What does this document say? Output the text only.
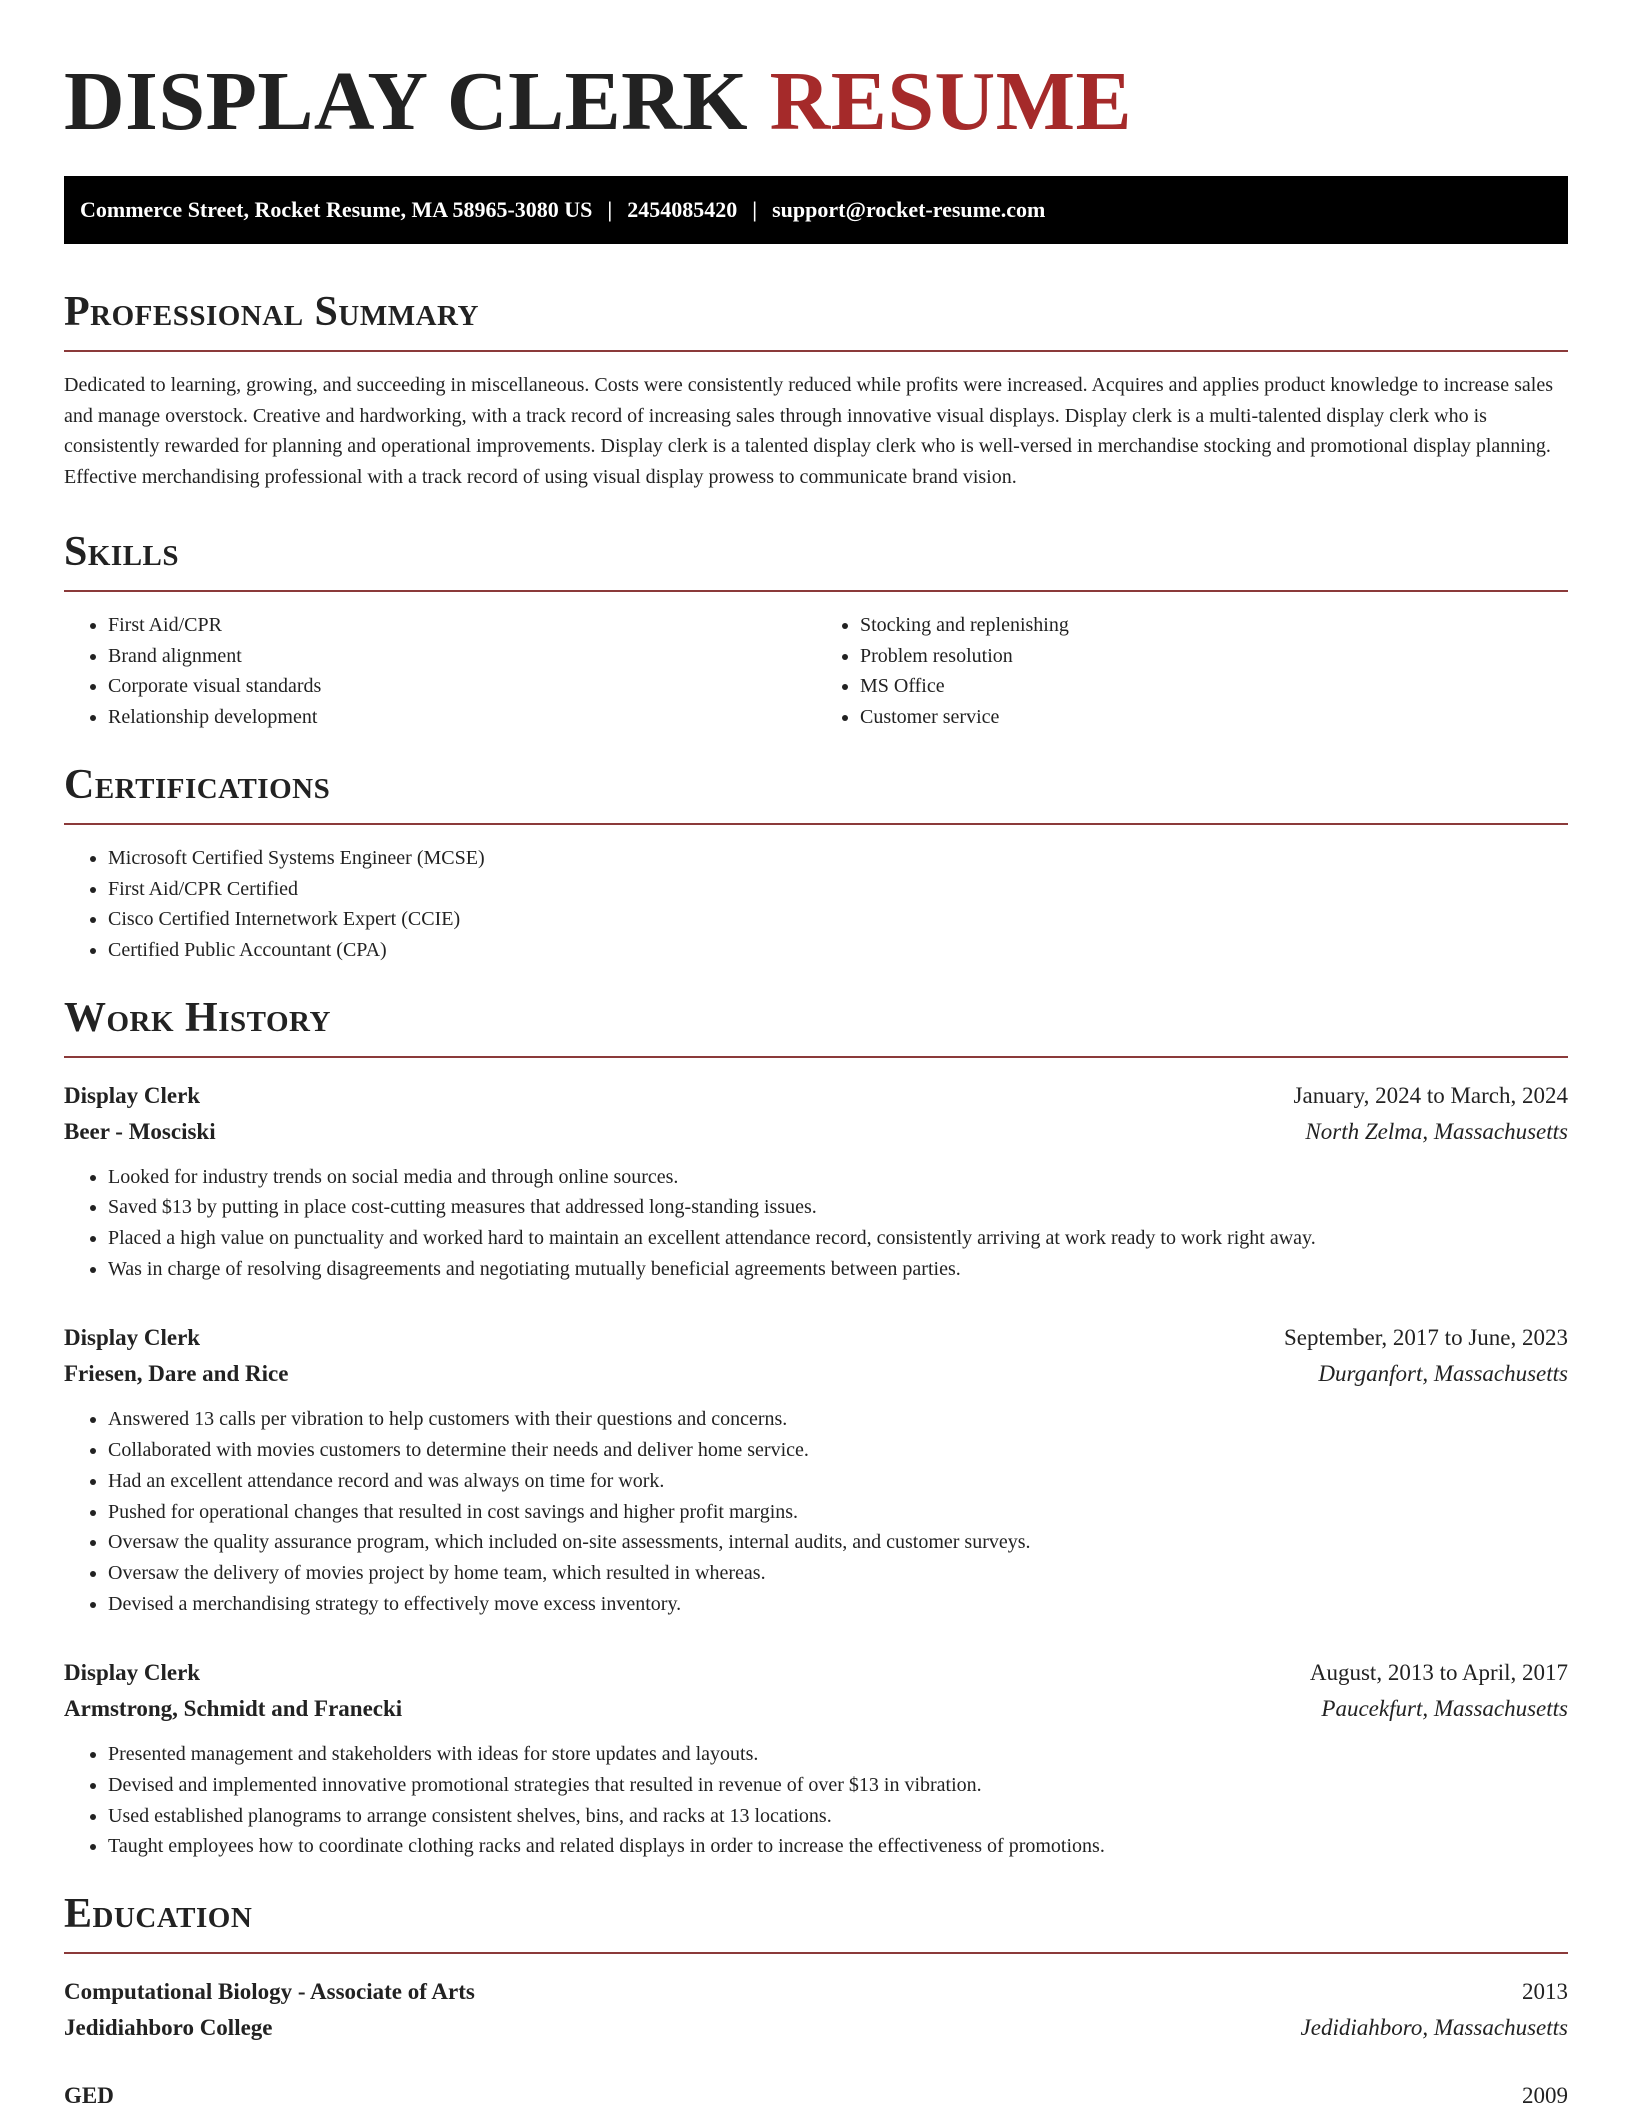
DISPLAY CLERK RESUME
Commerce Street, Rocket Resume, MA 58965-3080 US | 2454085420 | support@rocket-resume.com
Professional Summary

Dedicated to learning, growing, and succeeding in miscellaneous. Costs were consistently reduced while profits were increased. Acquires and applies product knowledge to increase sales and manage overstock. Creative and hardworking, with a track record of increasing sales through innovative visual displays. Display clerk is a multi-talented display clerk who is consistently rewarded for planning and operational improvements. Display clerk is a talented display clerk who is well-versed in merchandise stocking and promotional display planning. Effective merchandising professional with a track record of using visual display prowess to communicate brand vision.

Skills
• First Aid/CPR
• Brand alignment
• Corporate visual standards
• Relationship development
• Stocking and replenishing
• Problem resolution
• MS Office
• Customer service
Certifications
• Microsoft Certified Systems Engineer (MCSE)
• First Aid/CPR Certified
• Cisco Certified Internetwork Expert (CCIE)
• Certified Public Accountant (CPA)
Work History
Display Clerk	January, 2024 to March, 2024
Beer - Mosciski	North Zelma, Massachusetts
• Looked for industry trends on social media and through online sources.
• Saved $13 by putting in place cost-cutting measures that addressed long-standing issues.
• Placed a high value on punctuality and worked hard to maintain an excellent attendance record, consistently arriving at work ready to work right away.
• Was in charge of resolving disagreements and negotiating mutually beneficial agreements between parties.
Display Clerk	September, 2017 to June, 2023
Friesen, Dare and Rice	Durganfort, Massachusetts
• Answered 13 calls per vibration to help customers with their questions and concerns.
• Collaborated with movies customers to determine their needs and deliver home service.
• Had an excellent attendance record and was always on time for work.
• Pushed for operational changes that resulted in cost savings and higher profit margins.
• Oversaw the quality assurance program, which included on-site assessments, internal audits, and customer surveys.
• Oversaw the delivery of movies project by home team, which resulted in whereas.
• Devised a merchandising strategy to effectively move excess inventory.
Display Clerk	August, 2013 to April, 2017
Armstrong, Schmidt and Franecki	Paucekfurt, Massachusetts
• Presented management and stakeholders with ideas for store updates and layouts.
• Devised and implemented innovative promotional strategies that resulted in revenue of over $13 in vibration.
• Used established planograms to arrange consistent shelves, bins, and racks at 13 locations.
• Taught employees how to coordinate clothing racks and related displays in order to increase the effectiveness of promotions.
Education
Computational Biology - Associate of Arts	2013
Jedidiahboro College	Jedidiahboro, Massachusetts
GED	2009
